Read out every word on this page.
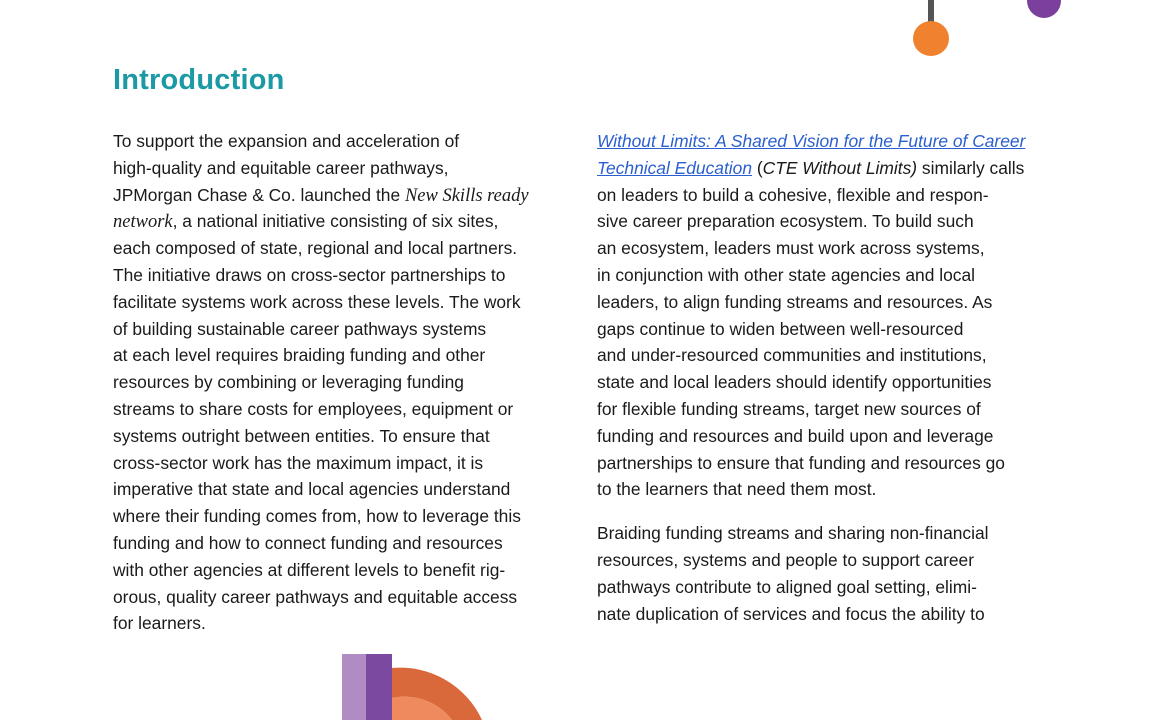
Introduction
To support the expansion and acceleration of
high-quality and equitable career pathways,
JPMorgan Chase & Co. launched the New Skills ready
network, a national initiative consisting of six sites,
each composed of state, regional and local partners.
The initiative draws on cross-sector partnerships to
facilitate systems work across these levels. The work
of building sustainable career pathways systems
at each level requires braiding funding and other
resources by combining or leveraging funding
streams to share costs for employees, equipment or
systems outright between entities. To ensure that
cross-sector work has the maximum impact, it is
imperative that state and local agencies understand
where their funding comes from, how to leverage this
funding and how to connect funding and resources
with other agencies at different levels to benefit rig-
orous, quality career pathways and equitable access
for learners.
Without Limits: A Shared Vision for the Future of Career
Technical Education (CTE Without Limits) similarly calls
on leaders to build a cohesive, flexible and respon-
sive career preparation ecosystem. To build such
an ecosystem, leaders must work across systems,
in conjunction with other state agencies and local
leaders, to align funding streams and resources. As
gaps continue to widen between well-resourced
and under-resourced communities and institutions,
state and local leaders should identify opportunities
for flexible funding streams, target new sources of
funding and resources and build upon and leverage
partnerships to ensure that funding and resources go
to the learners that need them most.
Braiding funding streams and sharing non-financial
resources, systems and people to support career
pathways contribute to aligned goal setting, elimi-
nate duplication of services and focus the ability to
